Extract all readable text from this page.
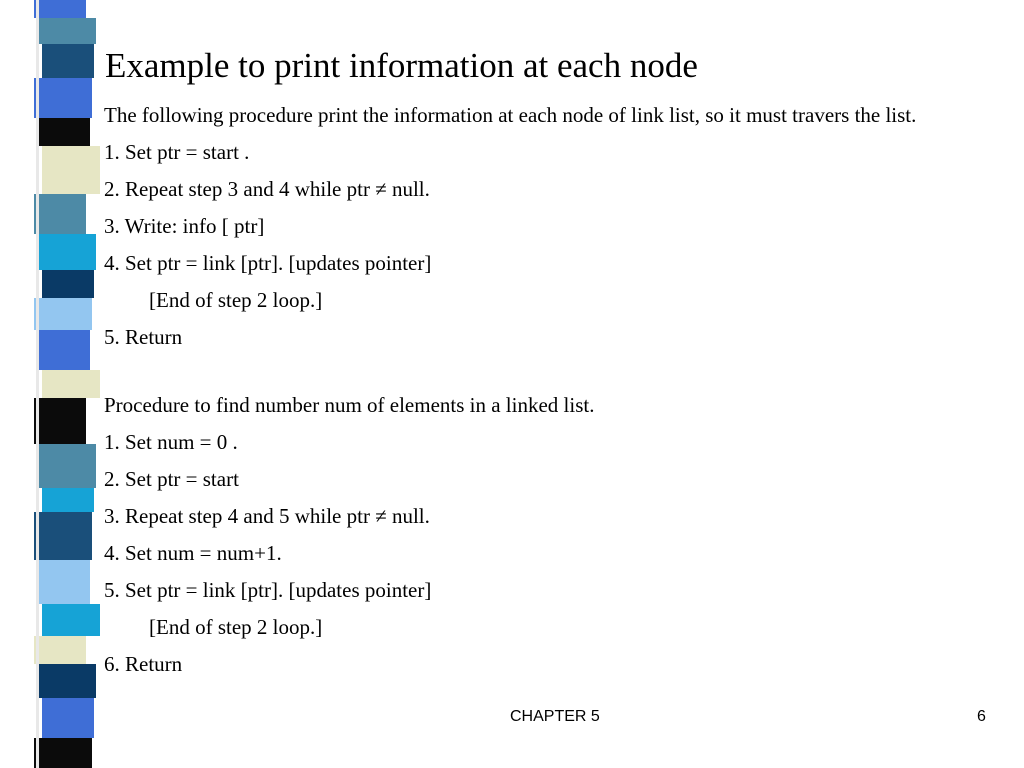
Example to print information at each node
The following procedure print the information at each node of link list, so it must travers the list.
1. Set ptr = start .
2. Repeat step 3 and 4 while ptr ≠ null.
3. Write: info [ ptr]
4. Set ptr = link [ptr]. [updates pointer]
[End of step 2 loop.]
5. Return
Procedure to find number num of elements in a linked list.
1. Set num = 0 .
2. Set ptr = start
3. Repeat step 4 and 5 while ptr ≠ null.
4. Set num = num+1.
5. Set ptr = link [ptr]. [updates pointer]
[End of step 2 loop.]
6. Return
CHAPTER 5	6
